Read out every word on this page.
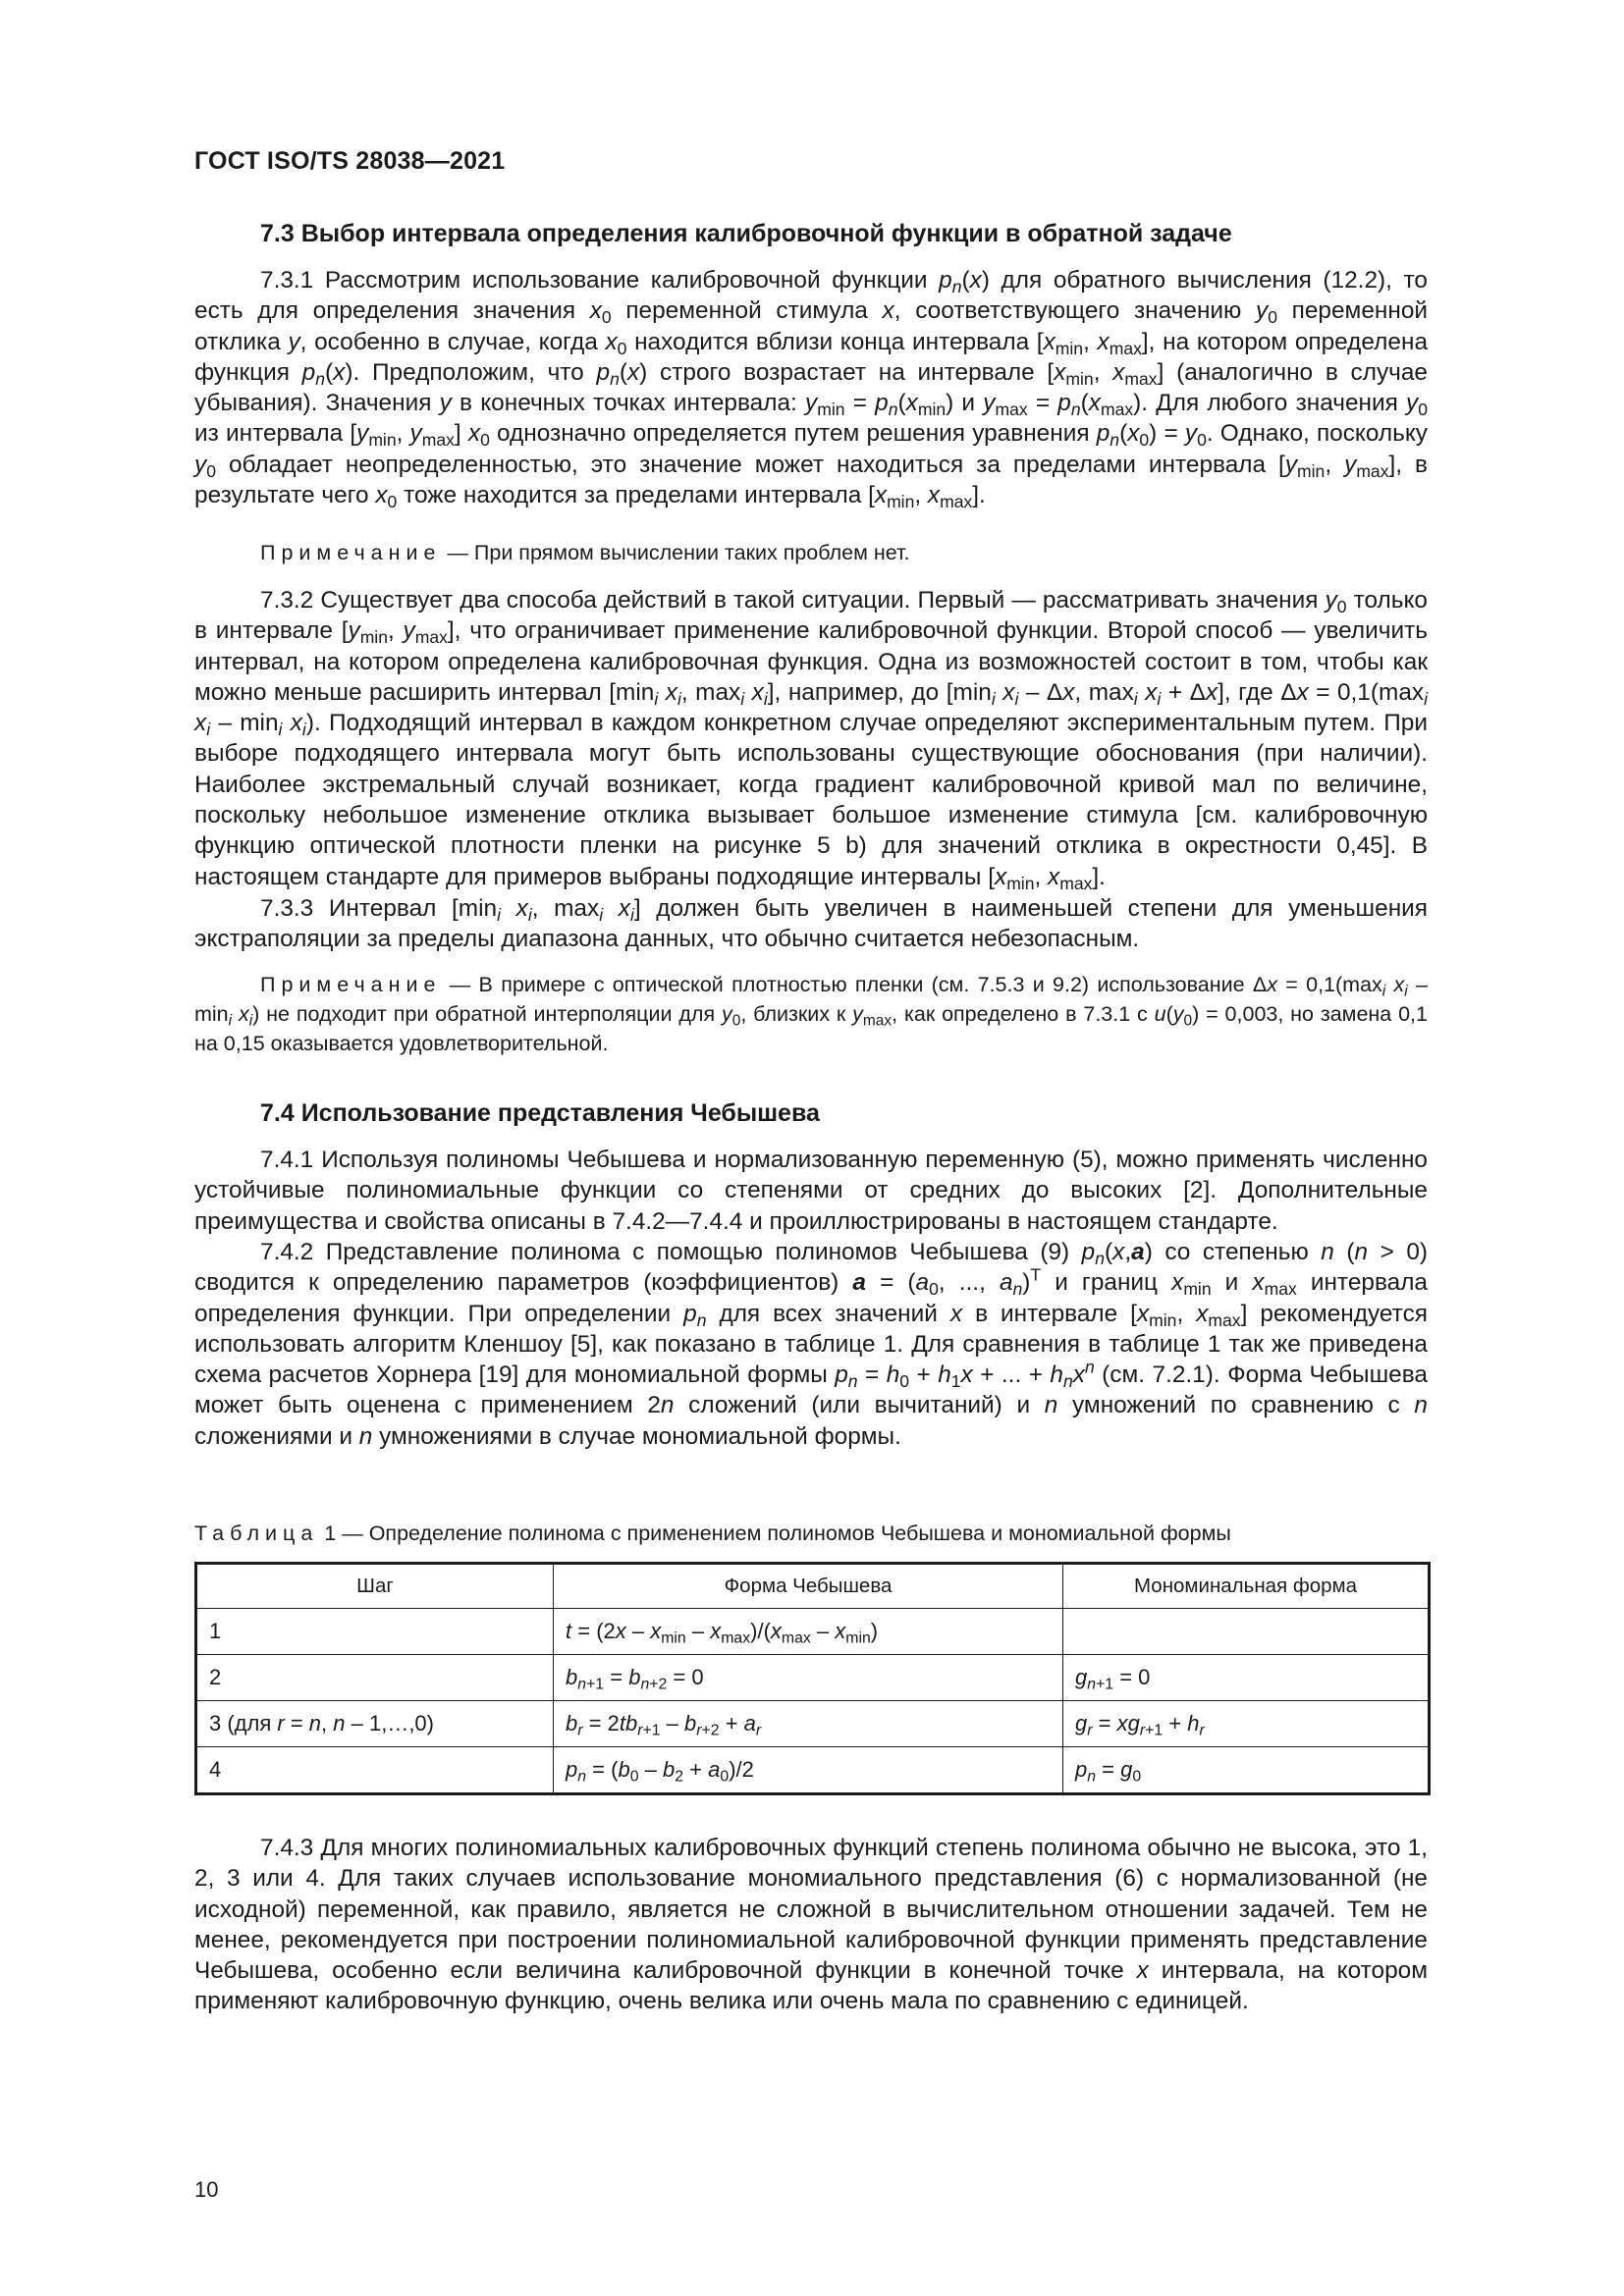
ГОСТ ISO/TS 28038—2021
7.3 Выбор интервала определения калибровочной функции в обратной задаче
7.3.1 Рассмотрим использование калибровочной функции $p_n(x)$ для обратного вычисления (12.2), то есть для определения значения $x_0$ переменной стимула x, соответствующего значению $y_0$ переменной отклика y, особенно в случае, когда $x_0$ находится вблизи конца интервала [$x_{min}$, $x_{max}$], на котором определена функция $p_n(x)$. Предположим, что $p_n(x)$ строго возрастает на интервале [$x_{min}$, $x_{max}$] (аналогично в случае убывания). Значения y в конечных точках интервала: $y_{min} = p_n(x_{min})$ и $y_{max} = p_n(x_{max})$. Для любого значения $y_0$ из интервала [$y_{min}$, $y_{max}$] $x_0$ однозначно определяется путем решения уравнения $p_n(x_0) = y_0$. Однако, поскольку $y_0$ обладает неопределенностью, это значение может находиться за пределами интервала [$y_{min}$, $y_{max}$], в результате чего $x_0$ тоже находится за пределами интервала [$x_{min}$, $x_{max}$].
Примечание — При прямом вычислении таких проблем нет.
7.3.2 Существует два способа действий в такой ситуации. Первый — рассматривать значения $y_0$ только в интервале [$y_{min}$, $y_{max}$], что ограничивает применение калибровочной функции. Второй способ — увеличить интервал, на котором определена калибровочная функция. Одна из возможностей состоит в том, чтобы как можно меньше расширить интервал [$\min_i$ $x_i$, $\max_i x_i$], например, до [$\min_i$ $x_i$ – Δx, $\max_i x_i + \Delta x$], где $\Delta x = 0,1(\max_i$ $x_i - \min_i x_i$). Подходящий интервал в каждом конкретном случае определяют экспериментальным путем. При выборе подходящего интервала могут быть использованы существующие обоснования (при наличии). Наиболее экстремальный случай возникает, когда градиент калибровочной кривой мал по величине, поскольку небольшое изменение отклика вызывает большое изменение стимула [см. калибровочную функцию оптической плотности пленки на рисунке 5 b) для значений отклика в окрестности 0,45]. В настоящем стандарте для примеров выбраны подходящие интервалы [$x_{min}$, $x_{max}$].
7.3.3 Интервал [$\min_i$ $x_i$, $\max_i x_i$] должен быть увеличен в наименьшей степени для уменьшения экстраполяции за пределы диапазона данных, что обычно считается небезопасным.
Примечание — В примере с оптической плотностью пленки (см. 7.5.3 и 9.2) использование $\Delta x = 0,1(\max_i$ $x_i - \min_i x_i$) не подходит при обратной интерполяции для $y_0$, близких к $y_{max}$, как определено в 7.3.1 с $u(y_0) = 0,003$, но замена 0,1 на 0,15 оказывается удовлетворительной.
7.4 Использование представления Чебышева
7.4.1 Используя полиномы Чебышева и нормализованную переменную (5), можно применять численно устойчивые полиномиальные функции со степенями от средних до высоких [2]. Дополнительные преимущества и свойства описаны в 7.4.2—7.4.4 и проиллюстрированы в настоящем стандарте.
7.4.2 Представление полинома с помощью полиномов Чебышева (9) $p_n(x,a)$ со степенью n (n > 0) сводится к определению параметров (коэффициентов) $a = (a_0$, ..., $a_n)^T$ и границ $x_{min}$ и $x_{max}$ интервала определения функции. При определении $p_n$ для всех значений x в интервале [$x_{min}$, $x_{max}$] рекомендуется использовать алгоритм Кленшоу [5], как показано в таблице 1. Для сравнения в таблице 1 так же приведена схема расчетов Хорнера [19] для мономиальной формы $p_n = h_0 + h_1x$ + ... + $h_nx^n$ (см. 7.2.1). Форма Чебышева может быть оценена с применением 2n сложений (или вычитаний) и n умножений по сравнению с n сложениями и n умножениями в случае мономиальной формы.
Таблица 1 — Определение полинома с применением полиномов Чебышева и мономиальной формы
Шаг	Форма Чебышева	Монoминальная форма
1	$t = (2x - x_{min} - x_{max})/(x_{max} - x_{min})$	
2	$b_{n+1} = b_{n+2} = 0$	$g_{n+1} = 0$
3 (для r = n, n – 1,…,0)	$b_r = 2tb_{r+1} - b_{r+2} + a_r$	$g_r = xg_{r+1} + h_r$
4	$p_n = (b_0 - b_2 + a_0)/2$	$p_n = g_0$
7.4.3 Для многих полиномиальных калибровочных функций степень полинома обычно не высока, это 1, 2, 3 или 4. Для таких случаев использование мономиального представления (6) с нормализованной (не исходной) переменной, как правило, является не сложной в вычислительном отношении задачей. Тем не менее, рекомендуется при построении полиномиальной калибровочной функции применять представление Чебышева, особенно если величина калибровочной функции в конечной точке x интервала, на котором применяют калибровочную функцию, очень велика или очень мала по сравнению с единицей.
10
